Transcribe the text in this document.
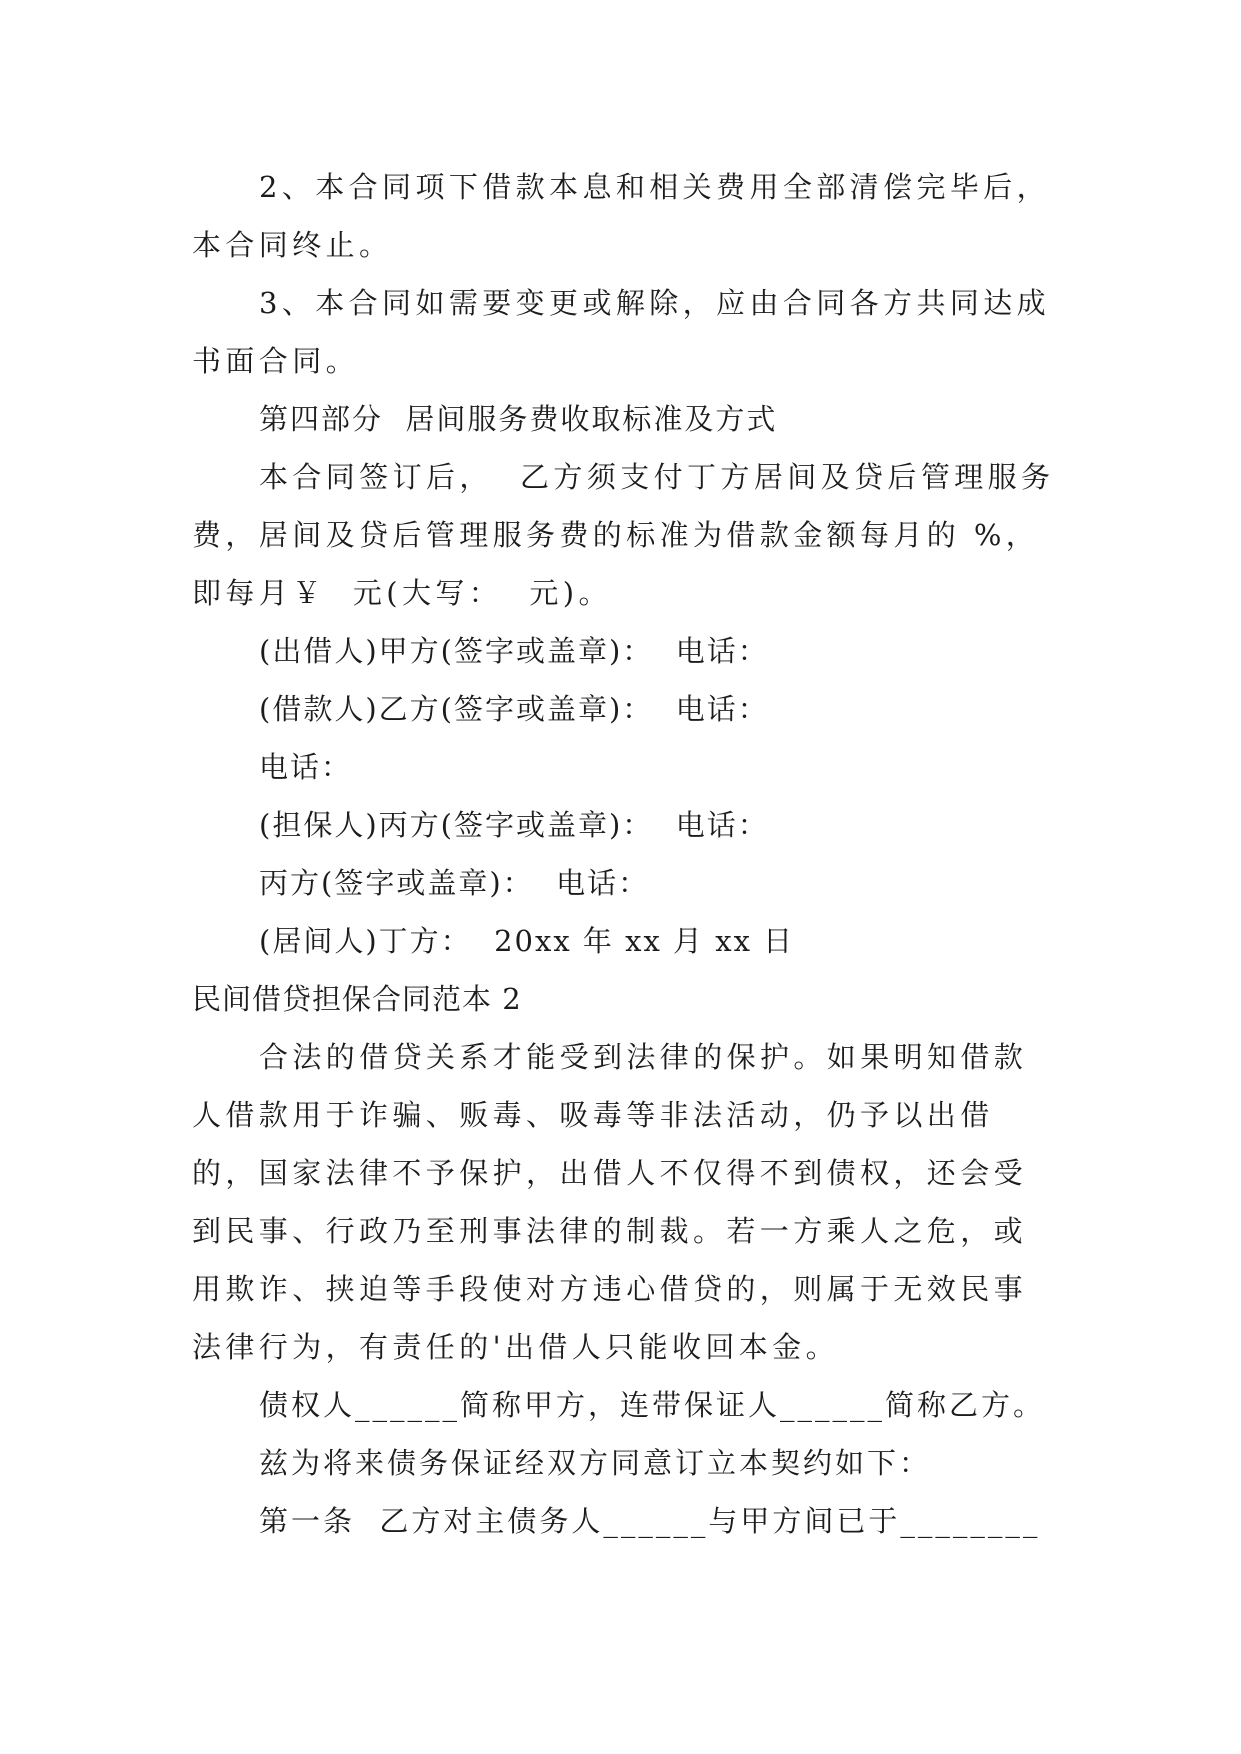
2、本合同项下借款本息和相关费用全部清偿完毕后，本合同终止。

3、本合同如需要变更或解除，应由合同各方共同达成书面合同。

第四部分  居间服务费收取标准及方式

本合同签订后，  乙方须支付丁方居间及贷后管理服务费，居间及贷后管理服务费的标准为借款金额每月的 %，即每月￥  元(大写：  元)。

(出借人)甲方(签字或盖章)：  电话：

(借款人)乙方(签字或盖章)：  电话：

电话：

(担保人)丙方(签字或盖章)：  电话：

丙方(签字或盖章)：  电话：

(居间人)丁方：  20xx 年 xx 月 xx 日

民间借贷担保合同范本 2

合法的借贷关系才能受到法律的保护。如果明知借款人借款用于诈骗、贩毒、吸毒等非法活动，仍予以出借的，国家法律不予保护，出借人不仅得不到债权，还会受到民事、行政乃至刑事法律的制裁。若一方乘人之危，或用欺诈、挟迫等手段使对方违心借贷的，则属于无效民事法律行为，有责任的'出借人只能收回本金。

债权人______简称甲方，连带保证人______简称乙方。

兹为将来债务保证经双方同意订立本契约如下：

第一条  乙方对主债务人______与甲方间已于________
